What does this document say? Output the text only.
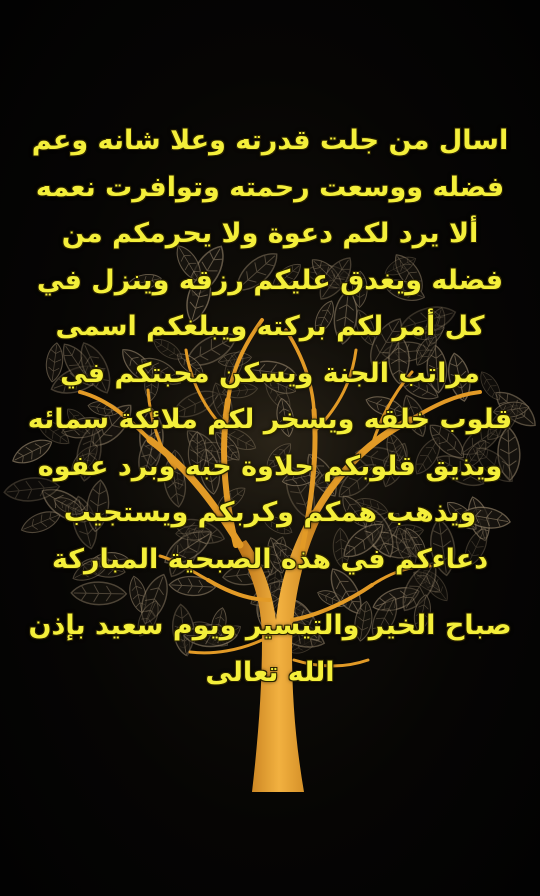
اسال من جلت قدرته وعلا شانه وعم
فضله ووسعت رحمته وتوافرت نعمه
ألا يرد لكم دعوة ولا يحرمكم من
فضله ويغدق عليكم رزقه وينزل في
كل أمر لكم بركته ويبلغكم اسمى
مراتب الجنة ويسكن محبتكم في
قلوب خلقه ويسخر لكم ملائكة سمائه
ويذيق قلوبكم حلاوة حبه وبرد عفوه
ويذهب همكم وكربكم ويستجيب
دعاءكم في هذه الصبحية المباركة
صباح الخير والتيسير ويوم سعيد بإذن
الله تعالى
